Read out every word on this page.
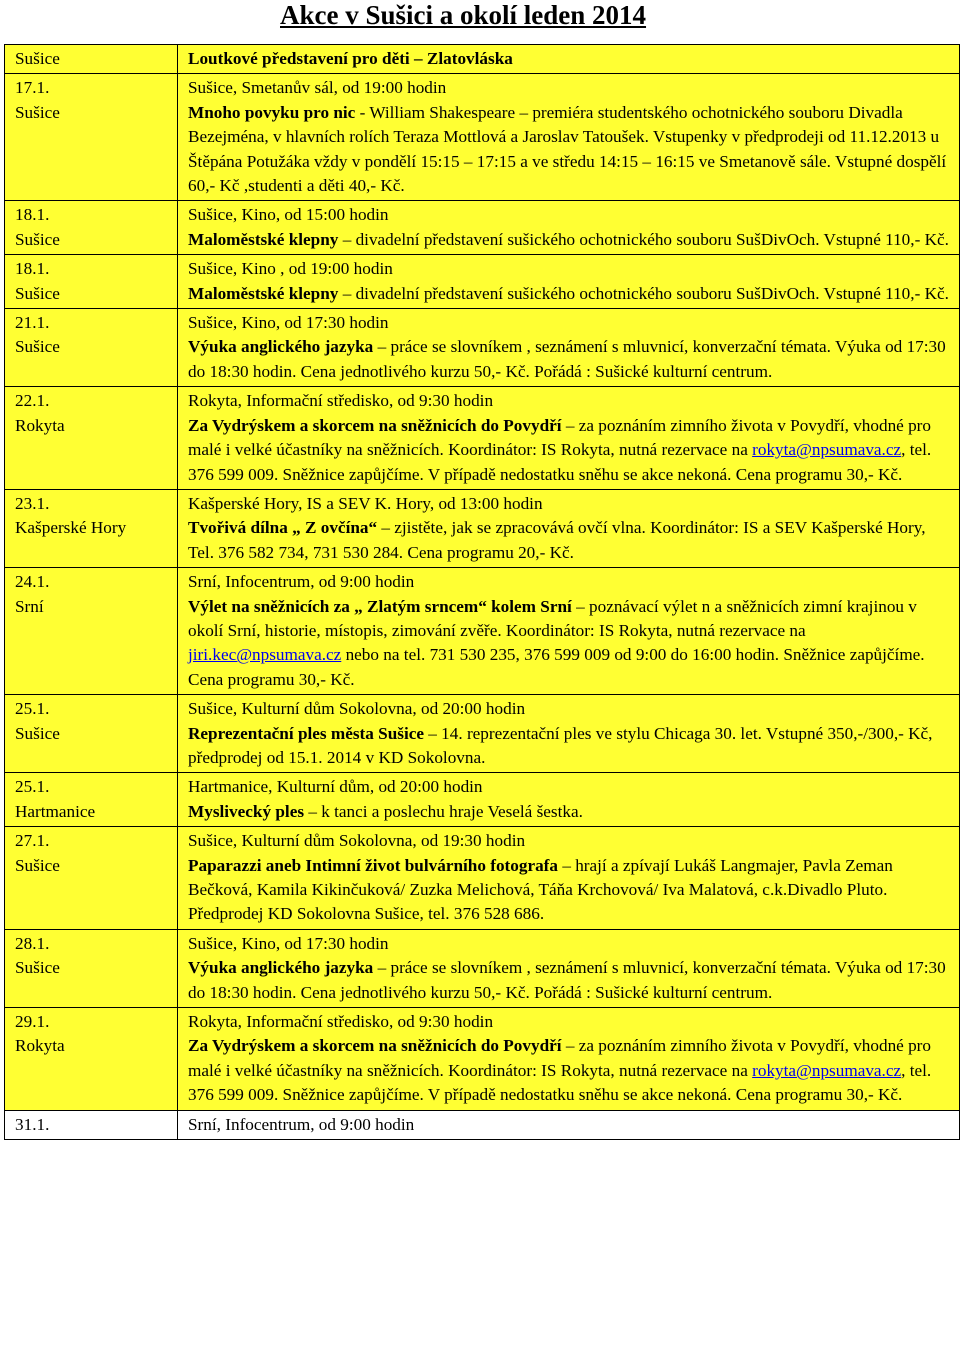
Akce v Sušici a okolí leden 2014
Sušice	Loutkové představení pro děti – Zlatovláska

17.1.
Sušice	Sušice, Smetanův sál, od 19:00 hodin
Mnoho povyku pro nic - William Shakespeare – premiéra studentského ochotnického souboru Divadla Bezejména, v hlavních rolích Teraza Mottlová a Jaroslav Tatoušek. Vstupenky v předprodeji od 11.12.2013 u Štěpána Potužáka vždy v pondělí 15:15 – 17:15 a ve středu 14:15 – 16:15 ve Smetanově sále. Vstupné dospělí 60,- Kč ,studenti a děti 40,- Kč.

18.1.
Sušice	Sušice, Kino, od 15:00 hodin
Maloměstské klepny – divadelní představení sušického ochotnického souboru SušDivOch. Vstupné 110,- Kč.

18.1.
Sušice	Sušice, Kino , od 19:00 hodin
Maloměstské klepny – divadelní představení sušického ochotnického souboru SušDivOch. Vstupné 110,- Kč.

21.1.
Sušice	Sušice, Kino, od 17:30 hodin
Výuka anglického jazyka – práce se slovníkem , seznámení s mluvnicí, konverzační témata. Výuka od 17:30 do 18:30 hodin. Cena jednotlivého kurzu 50,- Kč. Pořádá : Sušické kulturní centrum.

22.1.
Rokyta	Rokyta, Informační středisko, od 9:30 hodin
Za Vydrýskem a skorcem na sněžnicích do Povydří – za poznáním zimního života v Povydří, vhodné pro malé i velké účastníky na sněžnicích. Koordinátor: IS Rokyta, nutná rezervace na rokyta@npsumava.cz, tel. 376 599 009. Sněžnice zapůjčíme. V případě nedostatku sněhu se akce nekoná. Cena programu 30,- Kč.

23.1.
Kašperské Hory	Kašperské Hory, IS a SEV K. Hory, od 13:00 hodin
Tvořivá dílna „ Z ovčína“ – zjistěte, jak se zpracovává ovčí vlna. Koordinátor: IS a SEV Kašperské Hory, Tel. 376 582 734, 731 530 284. Cena programu 20,- Kč.

24.1.
Srní	Srní, Infocentrum, od 9:00 hodin
Výlet na sněžnicích za „ Zlatým srncem“ kolem Srní – poznávací výlet n a sněžnicích zimní krajinou v okolí Srní, historie, místopis, zimování zvěře. Koordinátor: IS Rokyta, nutná rezervace na jiri.kec@npsumava.cz nebo na tel. 731 530 235, 376 599 009 od 9:00 do 16:00 hodin. Sněžnice zapůjčíme. Cena programu 30,- Kč.

25.1.
Sušice	Sušice, Kulturní dům Sokolovna, od 20:00 hodin
Reprezentační ples města Sušice – 14. reprezentační ples ve stylu Chicaga 30. let. Vstupné 350,-/300,- Kč, předprodej od 15.1. 2014 v KD Sokolovna.

25.1.
Hartmanice	Hartmanice, Kulturní dům, od 20:00 hodin
Myslivecký ples – k tanci a poslechu hraje Veselá šestka.

27.1.
Sušice	Sušice, Kulturní dům Sokolovna, od 19:30 hodin
Paparazzi aneb Intimní život bulvárního fotografa – hrají a zpívají Lukáš Langmajer, Pavla Zeman Bečková, Kamila Kikinčuková/ Zuzka Melichová, Táňa Krchovová/ Iva Malatová, c.k.Divadlo Pluto. Předprodej KD Sokolovna Sušice, tel. 376 528 686.

28.1.
Sušice	Sušice, Kino, od 17:30 hodin
Výuka anglického jazyka – práce se slovníkem , seznámení s mluvnicí, konverzační témata. Výuka od 17:30 do 18:30 hodin. Cena jednotlivého kurzu 50,- Kč. Pořádá : Sušické kulturní centrum.

29.1.
Rokyta	Rokyta, Informační středisko, od 9:30 hodin
Za Vydrýskem a skorcem na sněžnicích do Povydří – za poznáním zimního života v Povydří, vhodné pro malé i velké účastníky na sněžnicích. Koordinátor: IS Rokyta, nutná rezervace na rokyta@npsumava.cz, tel. 376 599 009. Sněžnice zapůjčíme. V případě nedostatku sněhu se akce nekoná. Cena programu 30,- Kč.

31.1.	Srní, Infocentrum, od 9:00 hodin
